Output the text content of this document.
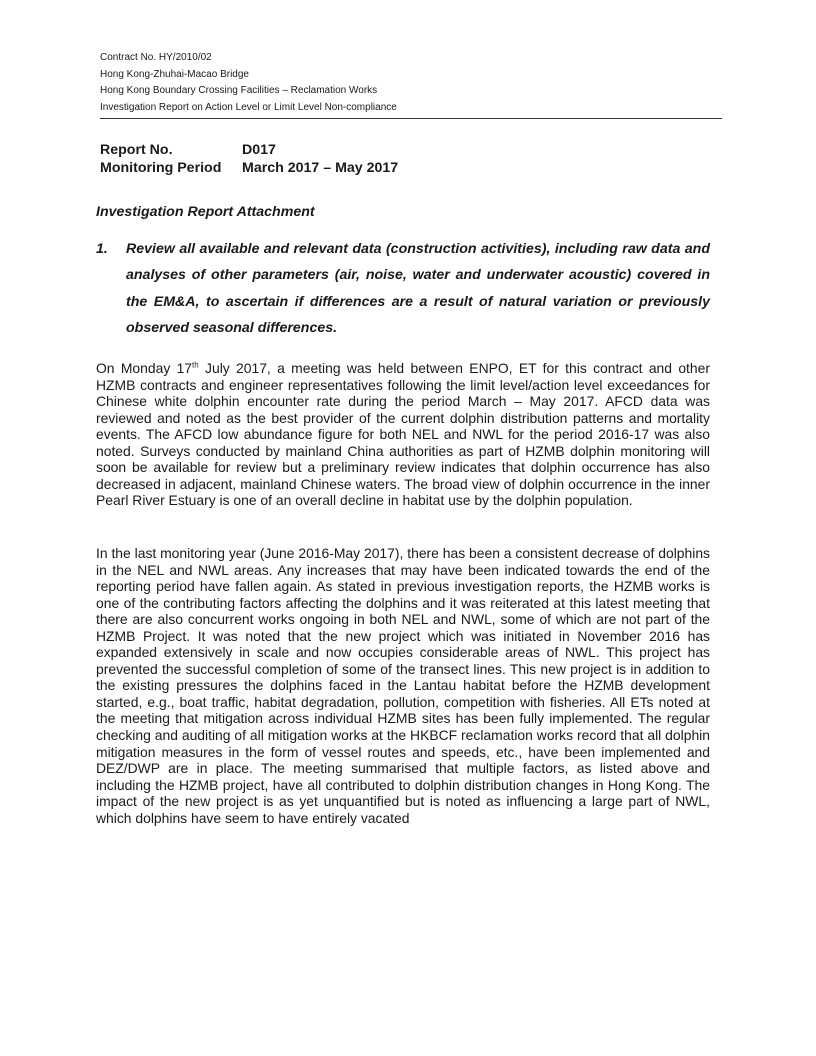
Contract No. HY/2010/02
Hong Kong-Zhuhai-Macao Bridge
Hong Kong Boundary Crossing Facilities – Reclamation Works
Investigation Report on Action Level or Limit Level Non-compliance
Report No.	D017
Monitoring Period	March 2017 – May 2017
Investigation Report Attachment
1.	Review all available and relevant data (construction activities), including raw data and analyses of other parameters (air, noise, water and underwater acoustic) covered in the EM&A, to ascertain if differences are a result of natural variation or previously observed seasonal differences.

On Monday 17th July 2017, a meeting was held between ENPO, ET for this contract and other HZMB contracts and engineer representatives following the limit level/action level exceedances for Chinese white dolphin encounter rate during the period March – May 2017. AFCD data was reviewed and noted as the best provider of the current dolphin distribution patterns and mortality events. The AFCD low abundance figure for both NEL and NWL for the period 2016-17 was also noted. Surveys conducted by mainland China authorities as part of HZMB dolphin monitoring will soon be available for review but a preliminary review indicates that dolphin occurrence has also decreased in adjacent, mainland Chinese waters. The broad view of dolphin occurrence in the inner Pearl River Estuary is one of an overall decline in habitat use by the dolphin population.

In the last monitoring year (June 2016-May 2017), there has been a consistent decrease of dolphins in the NEL and NWL areas. Any increases that may have been indicated towards the end of the reporting period have fallen again. As stated in previous investigation reports, the HZMB works is one of the contributing factors affecting the dolphins and it was reiterated at this latest meeting that there are also concurrent works ongoing in both NEL and NWL, some of which are not part of the HZMB Project. It was noted that the new project which was initiated in November 2016 has expanded extensively in scale and now occupies considerable areas of NWL. This project has prevented the successful completion of some of the transect lines. This new project is in addition to the existing pressures the dolphins faced in the Lantau habitat before the HZMB development started, e.g., boat traffic, habitat degradation, pollution, competition with fisheries. All ETs noted at the meeting that mitigation across individual HZMB sites has been fully implemented. The regular checking and auditing of all mitigation works at the HKBCF reclamation works record that all dolphin mitigation measures in the form of vessel routes and speeds, etc., have been implemented and DEZ/DWP are in place. The meeting summarised that multiple factors, as listed above and including the HZMB project, have all contributed to dolphin distribution changes in Hong Kong. The impact of the new project is as yet unquantified but is noted as influencing a large part of NWL, which dolphins have seem to have entirely vacated
